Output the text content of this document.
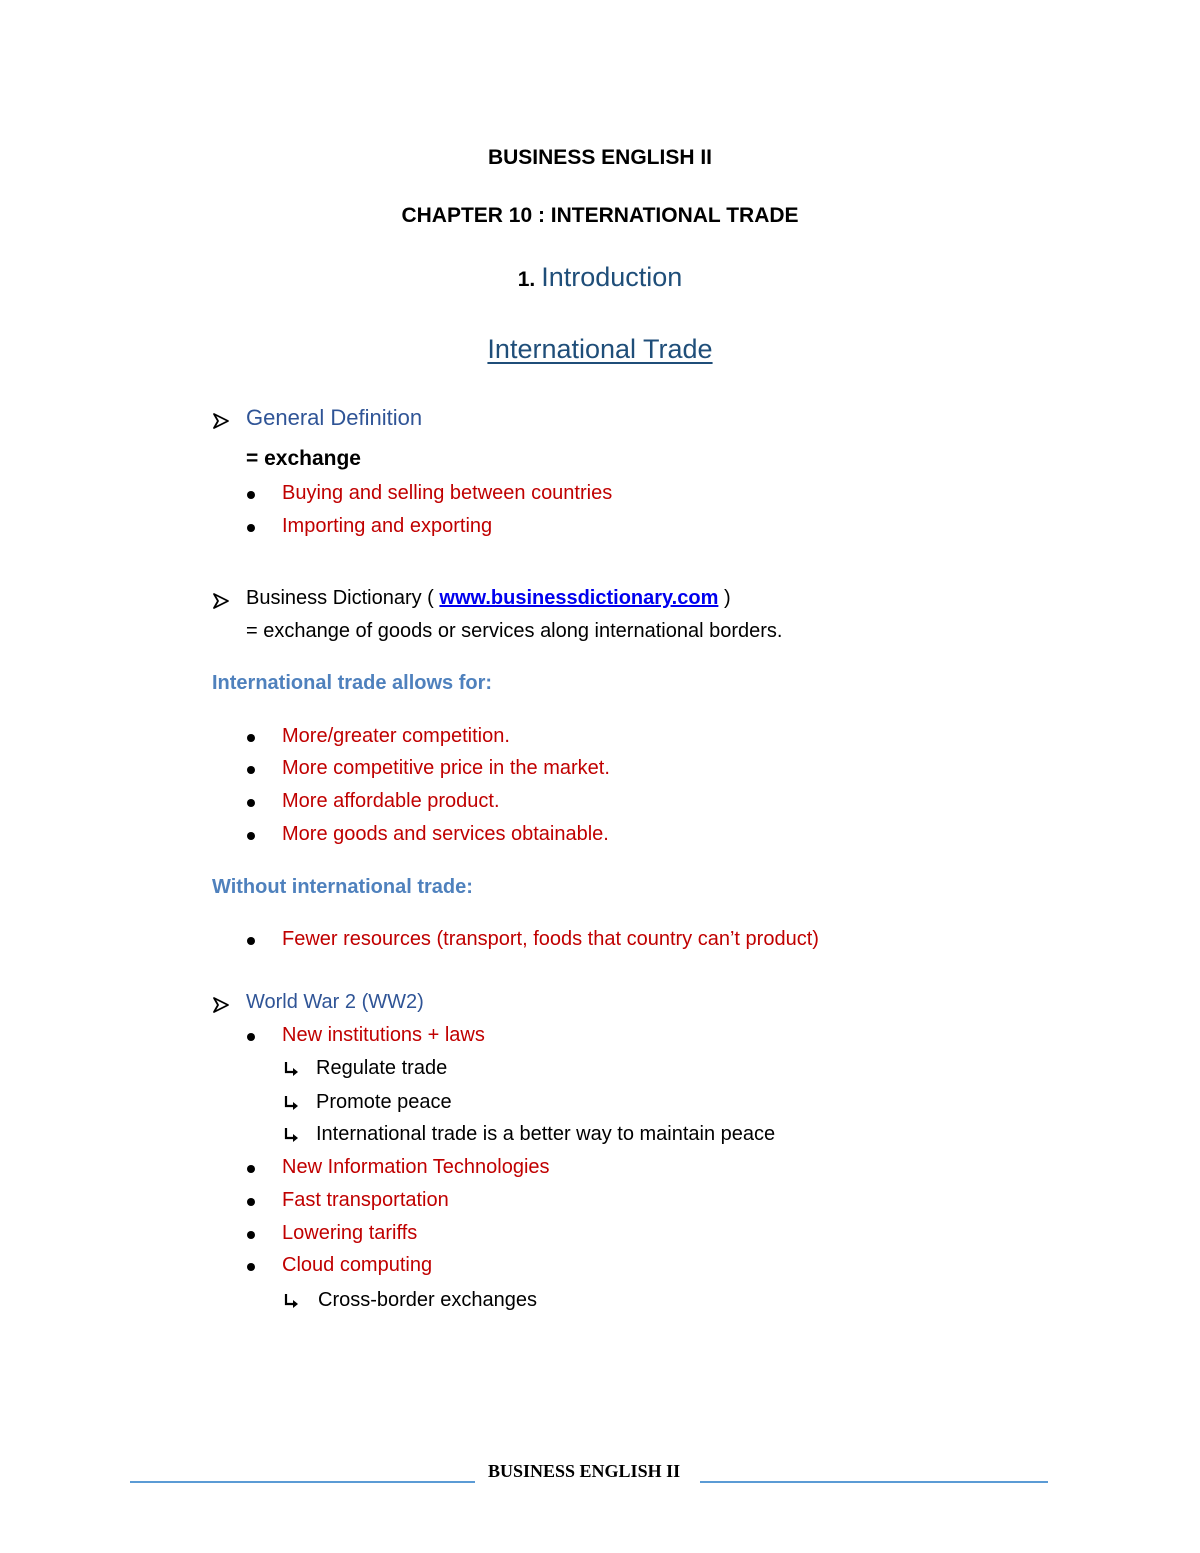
BUSINESS ENGLISH II
CHAPTER 10 : INTERNATIONAL TRADE
1. Introduction
International Trade
General Definition
= exchange
Buying and selling between countries
Importing and exporting
Business Dictionary ( www.businessdictionary.com )
= exchange of goods or services along international borders.
International trade allows for:
More/greater competition.
More competitive price in the market.
More affordable product.
More goods and services obtainable.
Without international trade:
Fewer resources (transport, foods that country can’t product)
World War 2 (WW2)
New institutions + laws
Regulate trade
Promote peace
International trade is a better way to maintain peace
New Information Technologies
Fast transportation
Lowering tariffs
Cloud computing
Cross-border exchanges
BUSINESS ENGLISH II
